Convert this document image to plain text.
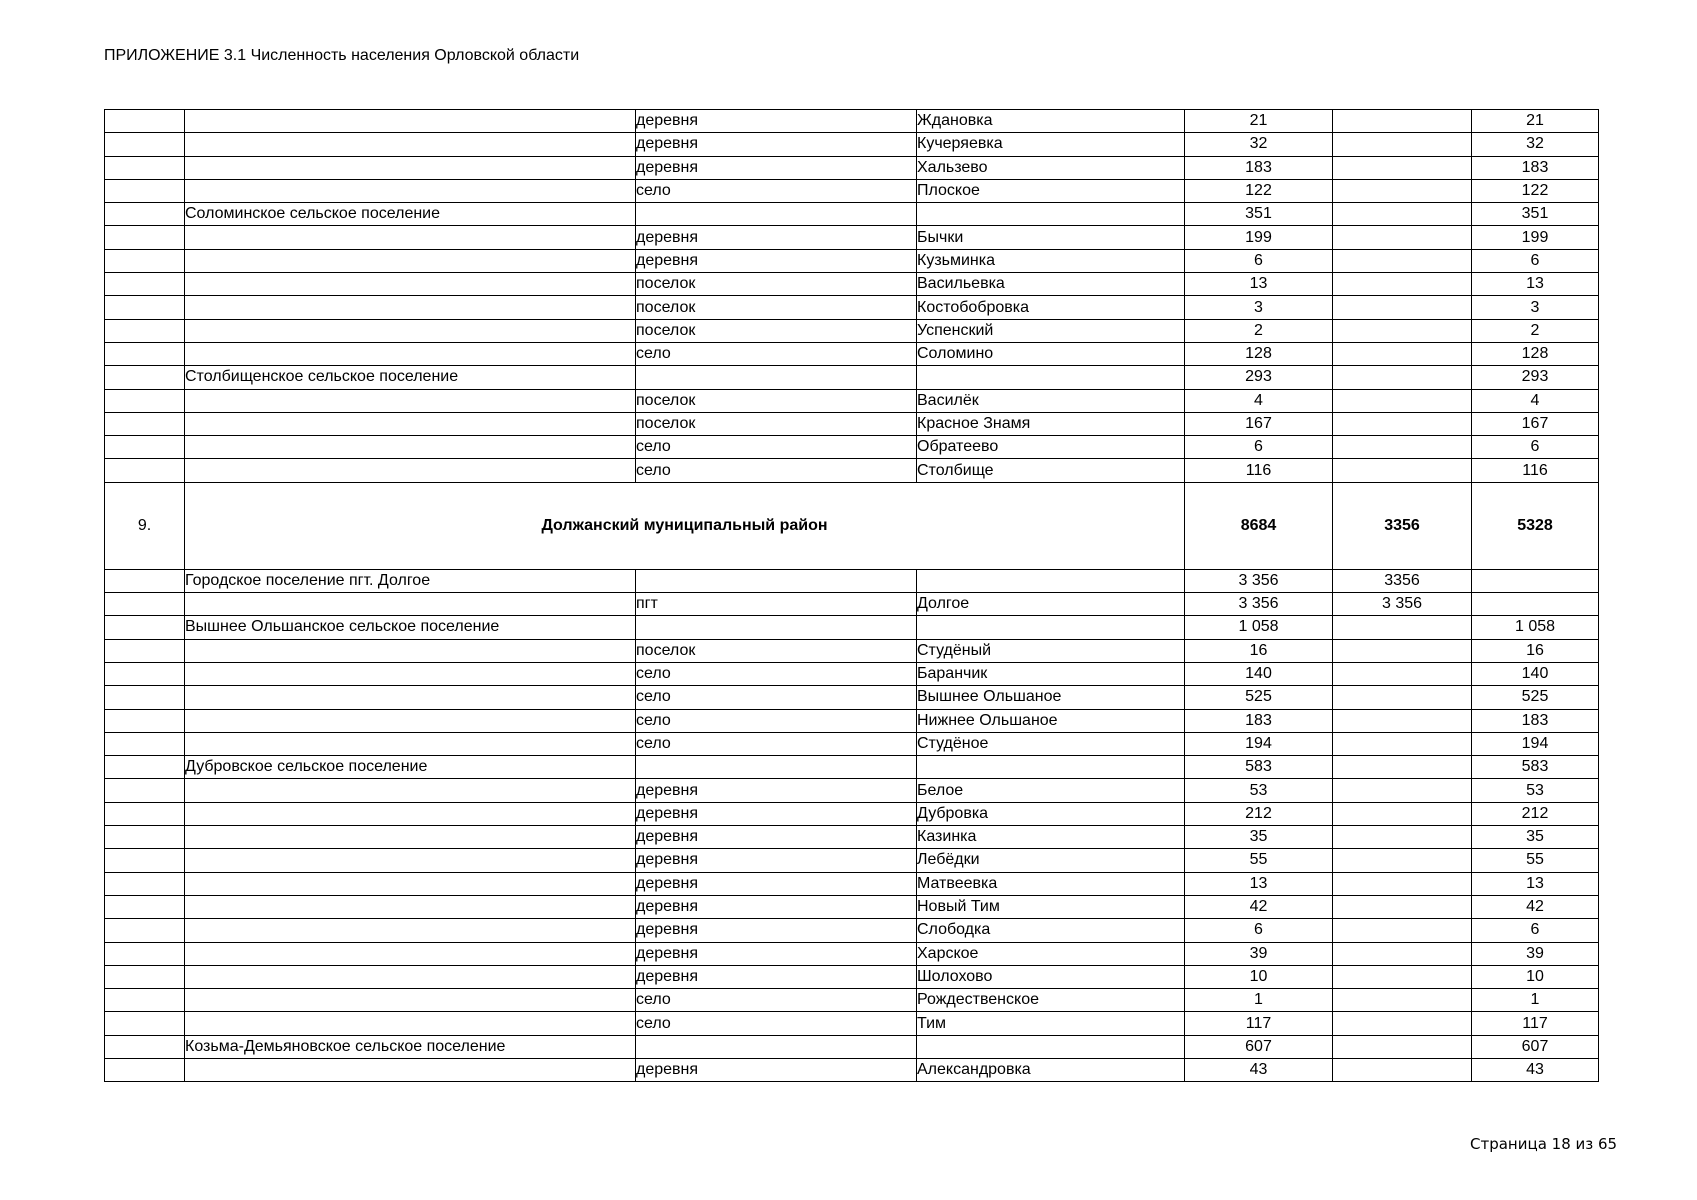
ПРИЛОЖЕНИЕ 3.1 Численность населения Орловской области
		деревня	Ждановка	21		21
		деревня	Кучеряевка	32		32
		деревня	Хальзево	183		183
		село	Плоское	122		122
	Соломинское сельское поселение			351		351
		деревня	Бычки	199		199
		деревня	Кузьминка	6		6
		поселок	Васильевка	13		13
		поселок	Костобобровка	3		3
		поселок	Успенский	2		2
		село	Соломино	128		128
	Столбищенское сельское поселение			293		293
		поселок	Василёк	4		4
		поселок	Красное Знамя	167		167
		село	Обратеево	6		6
		село	Столбище	116		116
9.	Должанский муниципальный район			8684	3356	5328
	Городское поселение пгт. Долгое			3 356	3356	
		пгт	Долгое	3 356	3 356	
	Вышнее Ольшанское сельское поселение			1 058		1 058
		поселок	Студёный	16		16
		село	Баранчик	140		140
		село	Вышнее Ольшаное	525		525
		село	Нижнее Ольшаное	183		183
		село	Студёное	194		194
	Дубровское сельское поселение			583		583
		деревня	Белое	53		53
		деревня	Дубровка	212		212
		деревня	Казинка	35		35
		деревня	Лебёдки	55		55
		деревня	Матвеевка	13		13
		деревня	Новый Тим	42		42
		деревня	Слободка	6		6
		деревня	Харское	39		39
		деревня	Шолохово	10		10
		село	Рождественское	1		1
		село	Тим	117		117
	Козьма-Демьяновское сельское поселение			607		607
		деревня	Александровка	43		43
Страница 18 из 65
